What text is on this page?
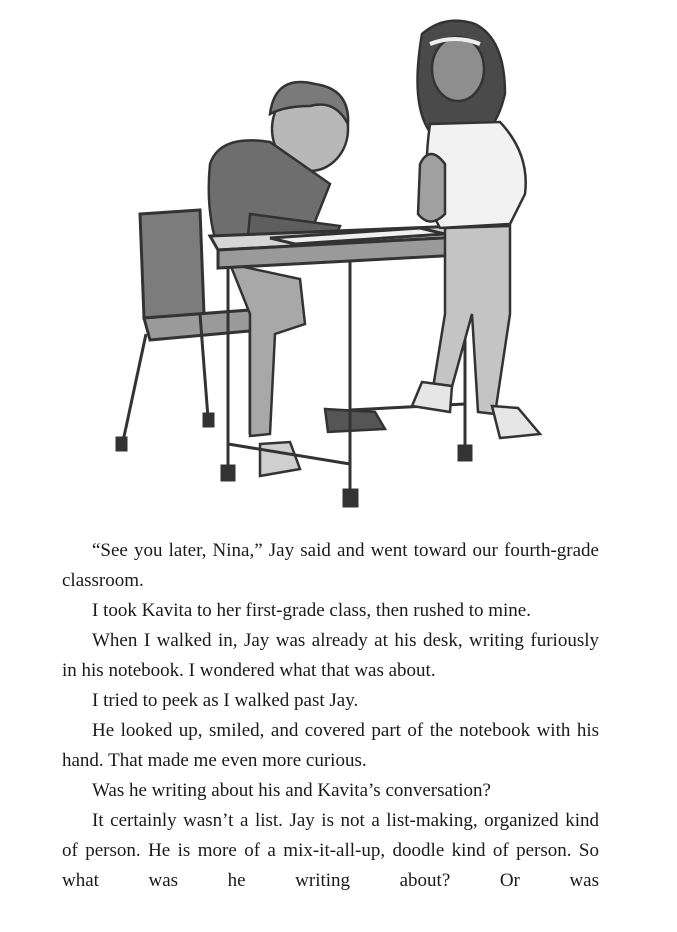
“See you later, Nina,” Jay said and went toward our fourth-grade classroom.

I took Kavita to her first-grade class, then rushed to mine.

When I walked in, Jay was already at his desk, writing furiously in his notebook. I wondered what that was about.

I tried to peek as I walked past Jay.

He looked up, smiled, and covered part of the notebook with his hand. That made me even more curious.

Was he writing about his and Kavita’s conversation?

It certainly wasn’t a list. Jay is not a list-making, organized kind of person. He is more of a mix-it-all-up, doodle kind of person. So what was he writing about? Or was
